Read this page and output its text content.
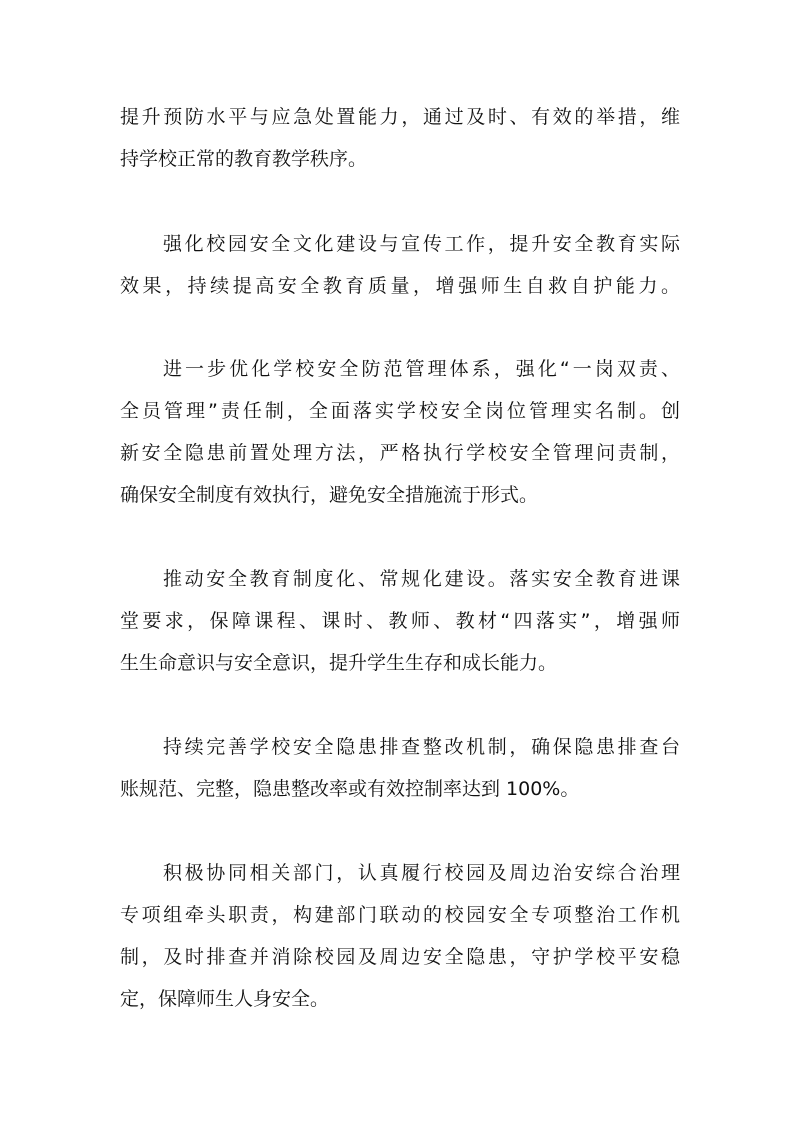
提升预防水平与应急处置能力，通过及时、有效的举措，维
持学校正常的教育教学秩序。
强化校园安全文化建设与宣传工作，提升安全教育实际
效果，持续提高安全教育质量，增强师生自救自护能力。
进一步优化学校安全防范管理体系，强化“一岗双责、
全员管理”责任制，全面落实学校安全岗位管理实名制。创
新安全隐患前置处理方法，严格执行学校安全管理问责制，
确保安全制度有效执行，避免安全措施流于形式。
推动安全教育制度化、常规化建设。落实安全教育进课
堂要求，保障课程、课时、教师、教材“四落实”，增强师
生生命意识与安全意识，提升学生生存和成长能力。
持续完善学校安全隐患排查整改机制，确保隐患排查台
账规范、完整，隐患整改率或有效控制率达到 100%。
积极协同相关部门，认真履行校园及周边治安综合治理
专项组牵头职责，构建部门联动的校园安全专项整治工作机
制，及时排查并消除校园及周边安全隐患，守护学校平安稳
定，保障师生人身安全。
